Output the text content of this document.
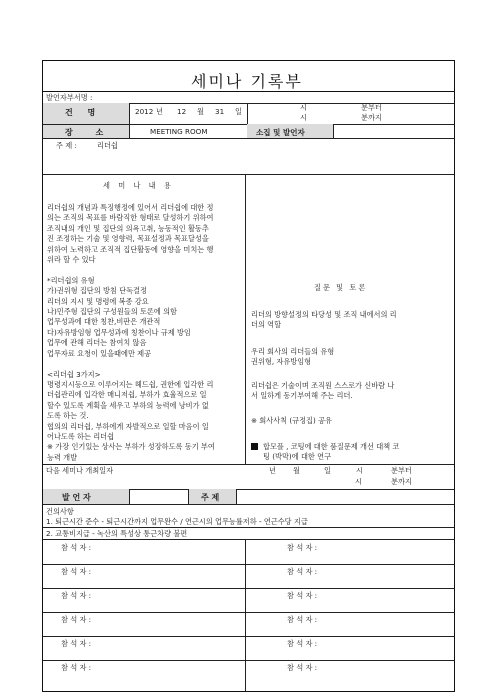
세미나 기록부
발언자부서명 :
건 명	2012 년 12 월 31 일	시	분부터
시	분까지
장 소	MEETING ROOM	소집 및 발언자
주 제 :	리더쉽
세 미 나 내 용
리더쉽의 개념과 특징행정에 있어서 리더쉽에 대한 정
의는 조직의 목표를 바람직한 형태로 달성하기 위하여
조직내의 개인 및 집단의 의욕고취, 능동적인 활동추
진 조정하는 기술 및 영향력, 목표설정과 목표달성을
위하여 노력하고 조직적 집단활동에 영향을 미치는 행
위라 할 수 있다

*리더쉽의 유형
가)권위형 집단의 방침 단독결정
리더의 지시 및 명령에 복종 강요
나)민주형 집단의 구성원들의 토론에 의함
업무성과에 대한 칭찬,비판은 개관적
다)자유방임형 업무성과에 칭찬이나 규제 방임
업무에 관해 리더는 참여치 않음
업무자료 요청이 있을때에만 제공

<리더쉽 3가지>
명령지시등으로 이루어지는 헤드쉽, 권한에 입각한 리
더쉽관리에 입각한 매니저쉽, 부하가 효율적으로 일
할수 있도록 계획을 세우고 부하의 능력에 낭비가 없
도록 하는 것.
협의의 리더쉽, 부하에게 자발적으로 일할 마음이 일
어나도록 하는 리더쉽
※ 가장 인기있는 상사는 부하가 성장하도록 동기 부여
능력 개발
질문 및 토론
리더의 방향설정의 타당성 및 조직 내에서의 리
더의 역할
우리 회사의 리더들의 유형
권위형, 자유방임형
리더쉽은 기술이며 조직원 스스로가 신바람 나
서 일하게 동기부여해 주는 리더.
※ 회사사칙 (규정집) 공유
합모플 , 코팅에 대한 품질문제 개선 대책 코
팅 (박막)에 대한 연구
다음 세미나 개최일자	년 월	일	시	분부터
시	분까지
발 언 자	주 제
건의사항
1. 퇴근시간 준수 - 퇴근시간까지 업무완수 / 연근시의 업무능률저하 - 연근수당 지급
2. 교통비지급 - 녹산의 특성상 통근차량 불편
참 석 자 :	참 석 자 :
참 석 자 :	참 석 자 :
참 석 자 :	참 석 자 :
참 석 자 :	참 석 자 :
참 석 자 :	참 석 자 :
참 석 자 :	참 석 자 :
